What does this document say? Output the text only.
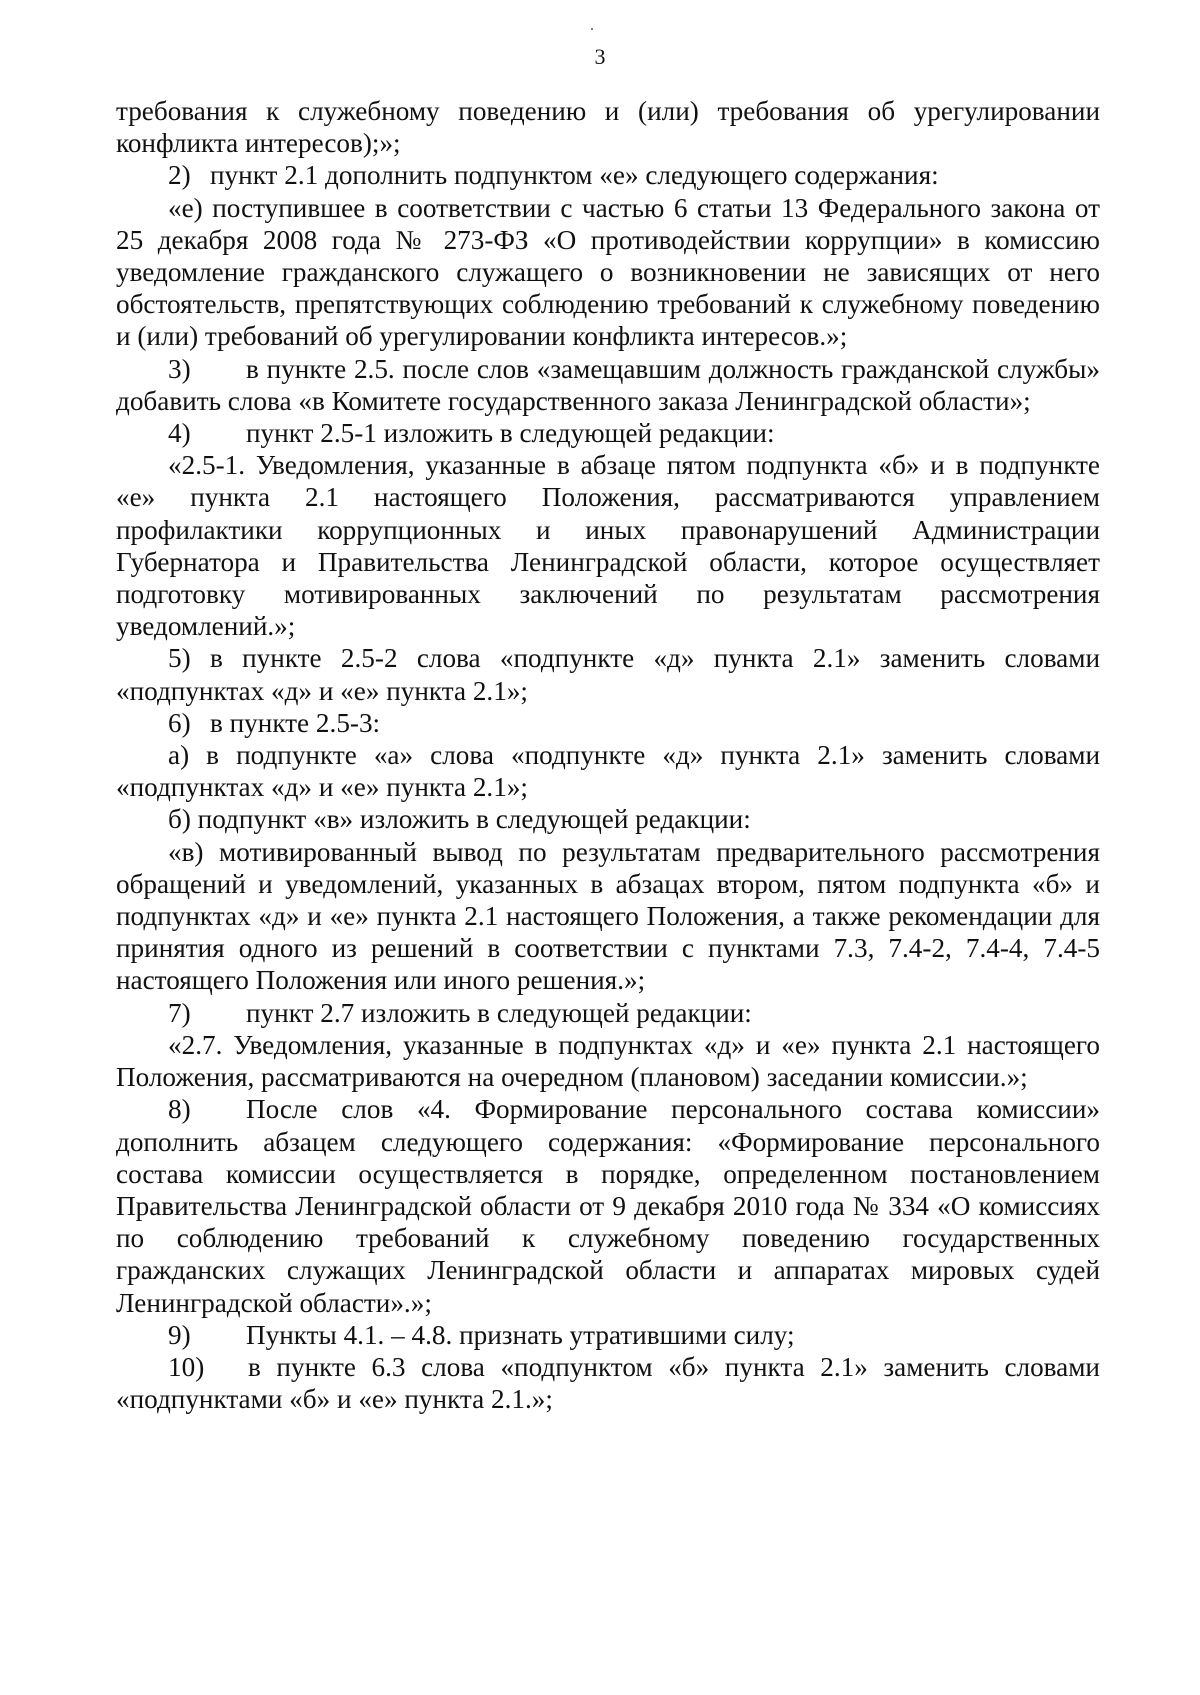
3

требования к служебному поведению и (или) требования об урегулировании конфликта интересов);»;

2) пункт 2.1 дополнить подпунктом «е» следующего содержания:

«е) поступившее в соответствии с частью 6 статьи 13 Федерального закона от 25 декабря 2008 года № 273-ФЗ «О противодействии коррупции» в комиссию уведомление гражданского служащего о возникновении не зависящих от него обстоятельств, препятствующих соблюдению требований к служебному поведению и (или) требований об урегулировании конфликта интересов.»;

3) в пункте 2.5. после слов «замещавшим должность гражданской службы» добавить слова «в Комитете государственного заказа Ленинградской области»;

4) пункт 2.5-1 изложить в следующей редакции:

«2.5-1. Уведомления, указанные в абзаце пятом подпункта «б» и в подпункте «е» пункта 2.1 настоящего Положения, рассматриваются управлением профилактики коррупционных и иных правонарушений Администрации Губернатора и Правительства Ленинградской области, которое осуществляет подготовку мотивированных заключений по результатам рассмотрения уведомлений.»;

5) в пункте 2.5-2 слова «подпункте «д» пункта 2.1» заменить словами «подпунктах «д» и «е» пункта 2.1»;

6) в пункте 2.5-3:

а) в подпункте «а» слова «подпункте «д» пункта 2.1» заменить словами «подпунктах «д» и «е» пункта 2.1»;

б) подпункт «в» изложить в следующей редакции:

«в) мотивированный вывод по результатам предварительного рассмотрения обращений и уведомлений, указанных в абзацах втором, пятом подпункта «б» и подпунктах «д» и «е» пункта 2.1 настоящего Положения, а также рекомендации для принятия одного из решений в соответствии с пунктами 7.3, 7.4-2, 7.4-4, 7.4-5 настоящего Положения или иного решения.»;

7) пункт 2.7 изложить в следующей редакции:

«2.7. Уведомления, указанные в подпунктах «д» и «е» пункта 2.1 настоящего Положения, рассматриваются на очередном (плановом) заседании комиссии.»;

8) После слов «4. Формирование персонального состава комиссии» дополнить абзацем следующего содержания: «Формирование персонального состава комиссии осуществляется в порядке, определенном постановлением Правительства Ленинградской области от 9 декабря 2010 года № 334 «О комиссиях по соблюдению требований к служебному поведению государственных гражданских служащих Ленинградской области и аппаратах мировых судей Ленинградской области».»;

9) Пункты 4.1. – 4.8. признать утратившими силу;

10) в пункте 6.3 слова «подпунктом «б» пункта 2.1» заменить словами «подпунктами «б» и «е» пункта 2.1.»;
